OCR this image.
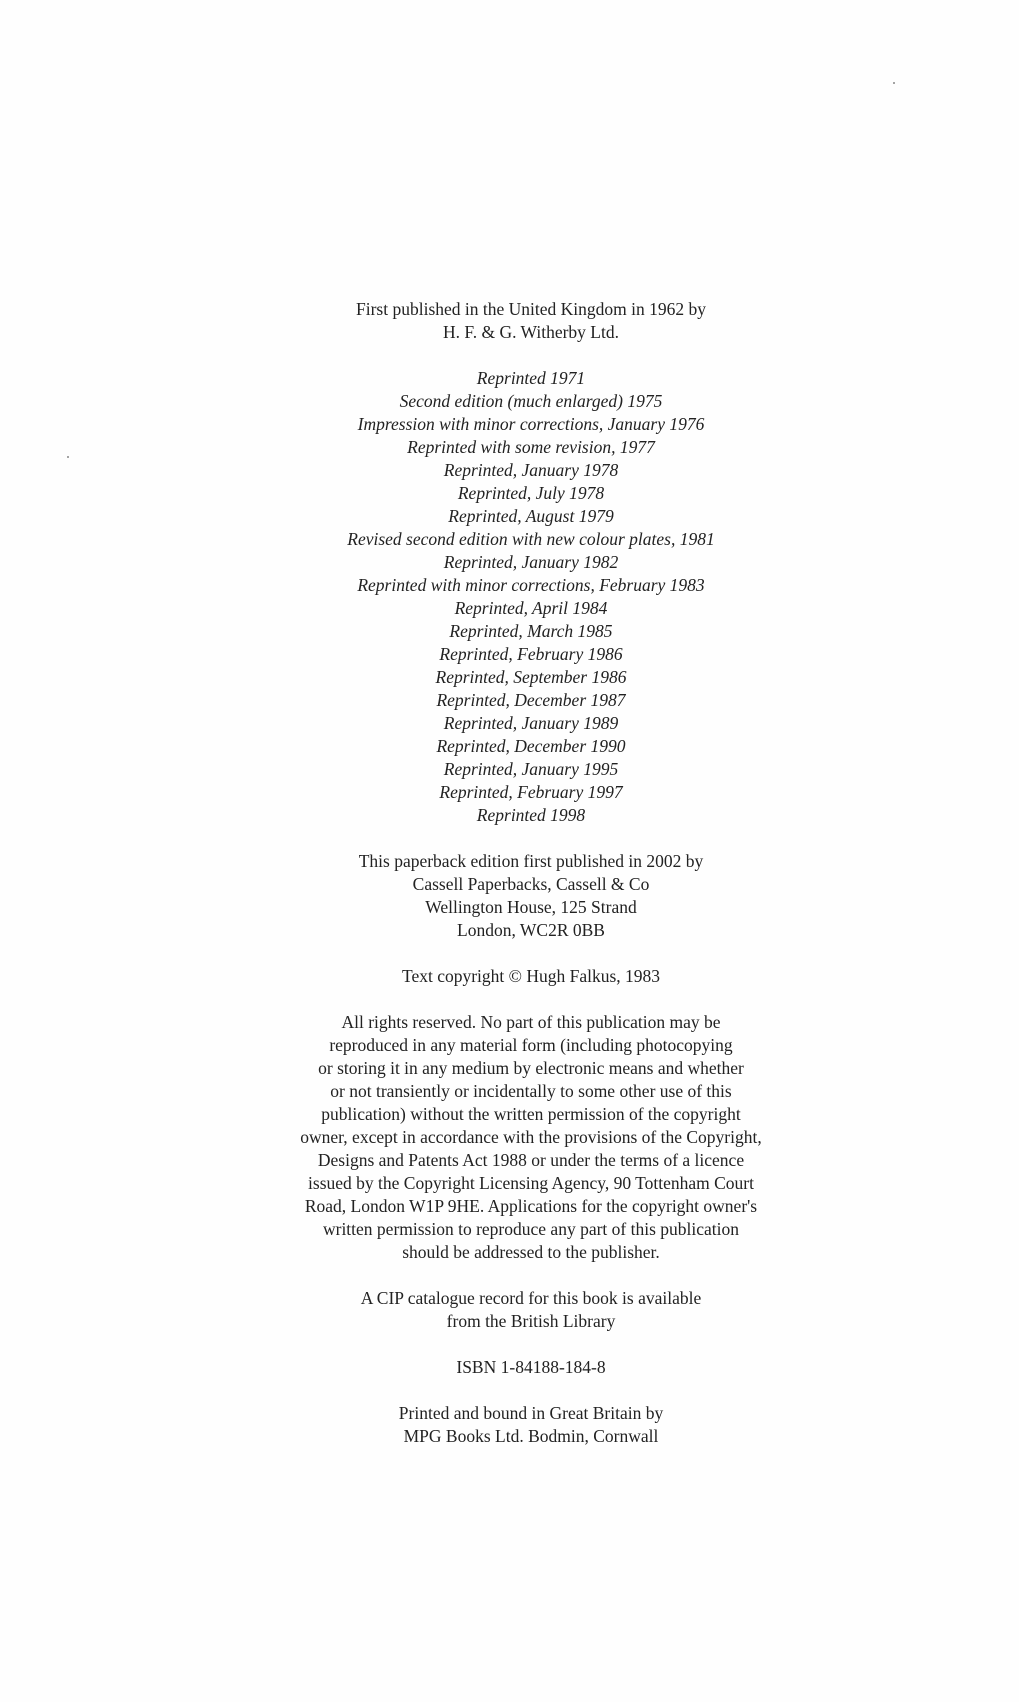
First published in the United Kingdom in 1962 by
H. F. & G. Witherby Ltd.
Reprinted 1971
Second edition (much enlarged) 1975
Impression with minor corrections, January 1976
Reprinted with some revision, 1977
Reprinted, January 1978
Reprinted, July 1978
Reprinted, August 1979
Revised second edition with new colour plates, 1981
Reprinted, January 1982
Reprinted with minor corrections, February 1983
Reprinted, April 1984
Reprinted, March 1985
Reprinted, February 1986
Reprinted, September 1986
Reprinted, December 1987
Reprinted, January 1989
Reprinted, December 1990
Reprinted, January 1995
Reprinted, February 1997
Reprinted 1998
This paperback edition first published in 2002 by
Cassell Paperbacks, Cassell & Co
Wellington House, 125 Strand
London, WC2R 0BB
Text copyright © Hugh Falkus, 1983
All rights reserved. No part of this publication may be
reproduced in any material form (including photocopying
or storing it in any medium by electronic means and whether
or not transiently or incidentally to some other use of this
publication) without the written permission of the copyright
owner, except in accordance with the provisions of the Copyright,
Designs and Patents Act 1988 or under the terms of a licence
issued by the Copyright Licensing Agency, 90 Tottenham Court
Road, London W1P 9HE. Applications for the copyright owner's
written permission to reproduce any part of this publication
should be addressed to the publisher.
A CIP catalogue record for this book is available
from the British Library
ISBN 1-84188-184-8
Printed and bound in Great Britain by
MPG Books Ltd. Bodmin, Cornwall
